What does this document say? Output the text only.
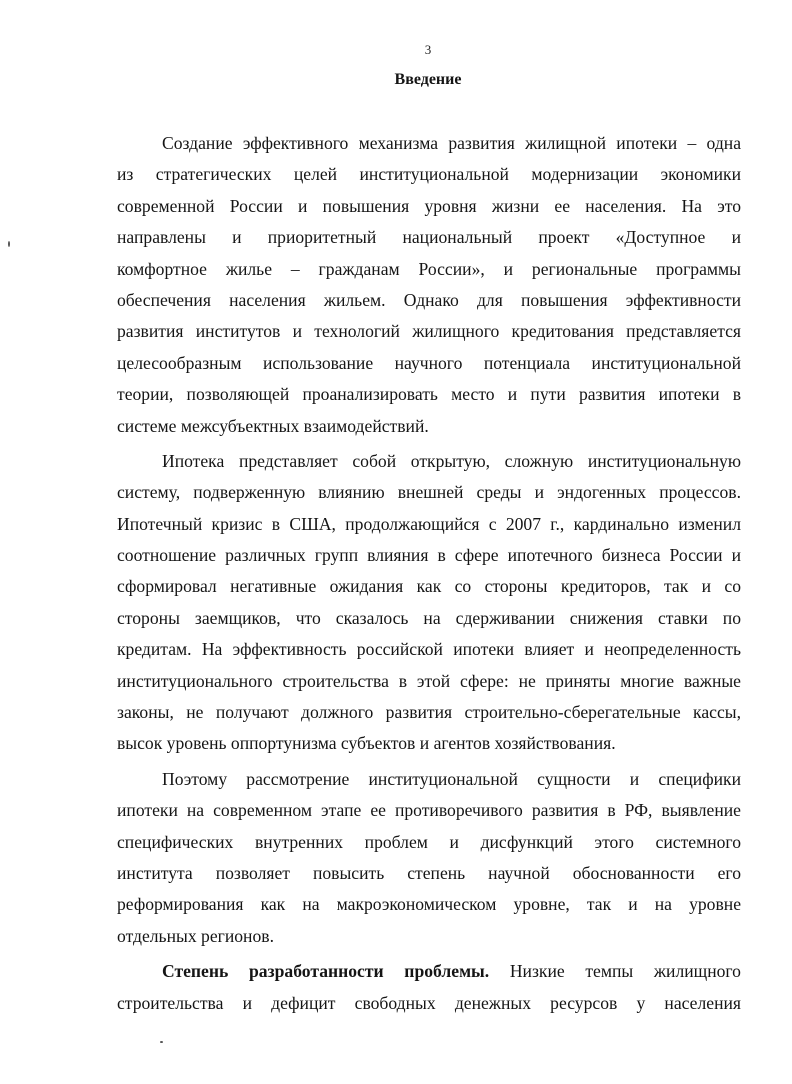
3
Введение
Создание эффективного механизма развития жилищной ипотеки – одна
из стратегических целей институциональной модернизации экономики
современной России и повышения уровня жизни ее населения. На это
направлены и приоритетный национальный проект «Доступное и
комфортное жилье – гражданам России», и региональные программы
обеспечения населения жильем. Однако для повышения эффективности
развития институтов и технологий жилищного кредитования представляется
целесообразным использование научного потенциала институциональной
теории, позволяющей проанализировать место и пути развития ипотеки в
системе межсубъектных взаимодействий.
Ипотека представляет собой открытую, сложную институциональную
систему, подверженную влиянию внешней среды и эндогенных процессов.
Ипотечный кризис в США, продолжающийся с 2007 г., кардинально изменил
соотношение различных групп влияния в сфере ипотечного бизнеса России и
сформировал негативные ожидания как со стороны кредиторов, так и со
стороны заемщиков, что сказалось на сдерживании снижения ставки по
кредитам. На эффективность российской ипотеки влияет и неопределенность
институционального строительства в этой сфере: не приняты многие важные
законы, не получают должного развития строительно-сберегательные кассы,
высок уровень оппортунизма субъектов и агентов хозяйствования.
Поэтому рассмотрение институциональной сущности и специфики
ипотеки на современном этапе ее противоречивого развития в РФ, выявление
специфических внутренних проблем и дисфункций этого системного
института позволяет повысить степень научной обоснованности его
реформирования как на макроэкономическом уровне, так и на уровне
отдельных регионов.
Степень разработанности проблемы. Низкие темпы жилищного
строительства и дефицит свободных денежных ресурсов у населения
